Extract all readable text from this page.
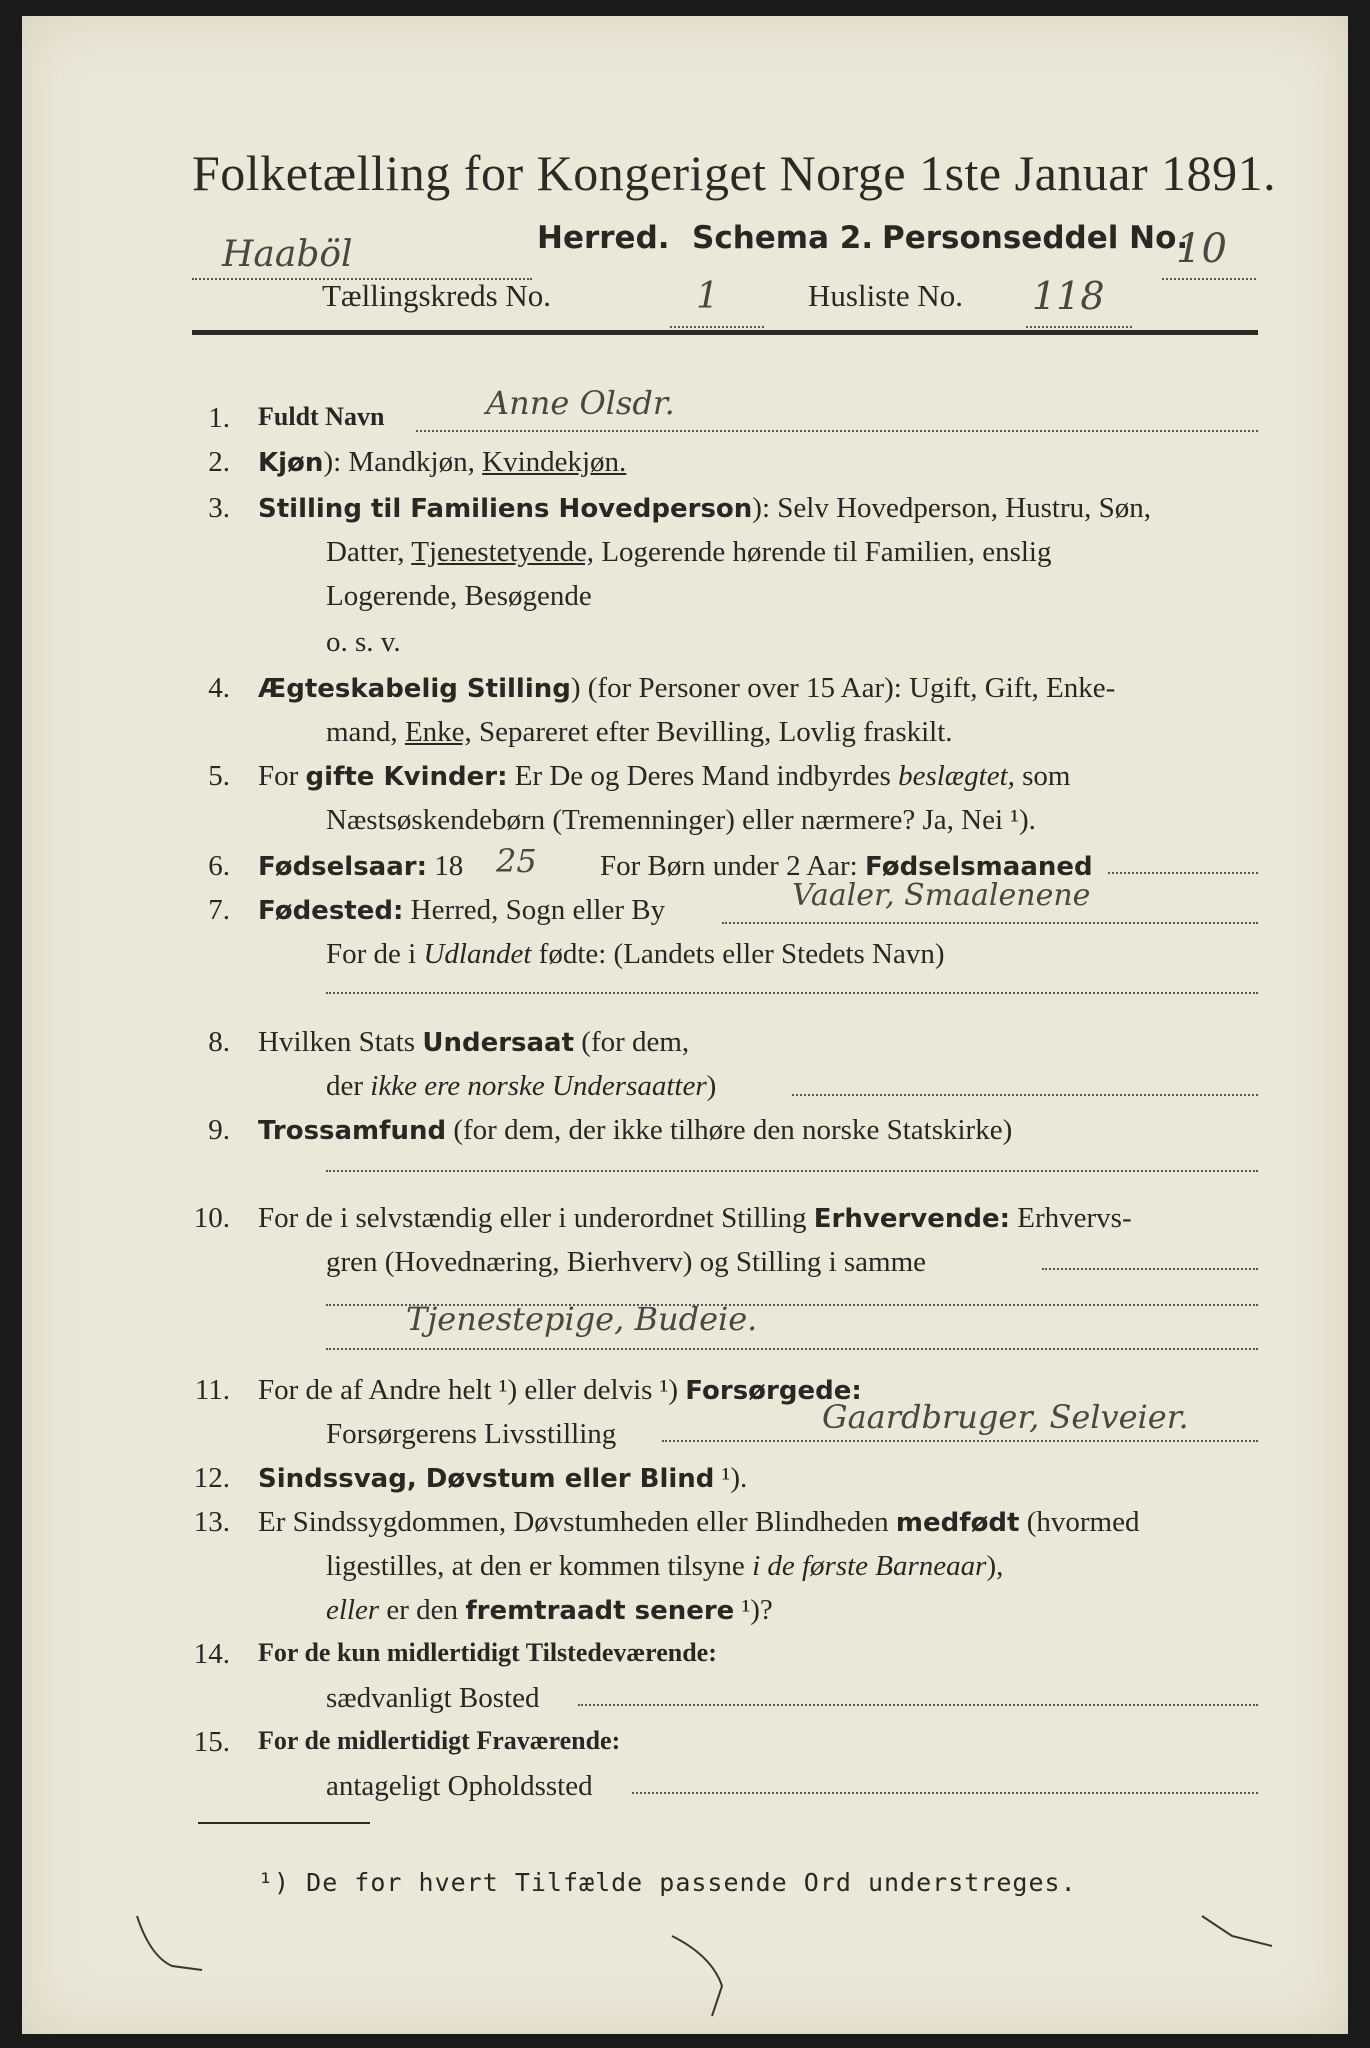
Folketælling for Kongeriget Norge 1ste Januar 1891.
Haaböl	Herred. Schema 2. Personseddel No.
10
Tællingskreds No.	1	Husliste No. 118
1. Fuldt Navn	Anne Olsdr.
2. Kjøn): Mandkjøn, Kvindekjøn.
3. Stilling til Familiens Hovedperson): Selv Hovedperson, Hustru, Søn,
Datter, Tjenestetyende, Logerende hørende til Familien, enslig
Logerende, Besøgende
o. s. v.
4. Ægteskabelig Stilling) (for Personer over 15 Aar): Ugift, Gift, Enke-
mand, Enke, Separeret efter Bevilling, Lovlig fraskilt.
5. For gifte Kvinder: Er De og Deres Mand indbyrdes beslægtet, som
Næstsøskendebørn (Tremenninger) eller nærmere? Ja, Nei ¹).
6. Fødselsaar: 18 25 For Børn under 2 Aar: Fødselsmaaned
7. Fødested: Herred, Sogn eller By	Vaaler, Smaalenene
For de i Udlandet fødte: (Landets eller Stedets Navn)
8. Hvilken Stats Undersaat (for dem,
der ikke ere norske Undersaatter)
9. Trossamfund (for dem, der ikke tilhøre den norske Statskirke)
10. For de i selvstændig eller i underordnet Stilling Erhvervende: Erhvervs-
gren (Hovednæring, Bierhverv) og Stilling i samme
Tjenestepige, Budeie.
11. For de af Andre helt ¹) eller delvis ¹) Forsørgede:
Forsørgerens Livsstilling	Gaardbruger, Selveier.
12. Sindssvag, Døvstum eller Blind ¹).
13. Er Sindssygdommen, Døvstumheden eller Blindheden medfødt (hvormed
ligestilles, at den er kommen tilsyne i de første Barneaar),
eller er den fremtraadt senere ¹)?
14. For de kun midlertidigt Tilstedeværende:
sædvanligt Bosted
15. For de midlertidigt Fraværende:
antageligt Opholdssted
¹) De for hvert Tilfælde passende Ord understreges.
